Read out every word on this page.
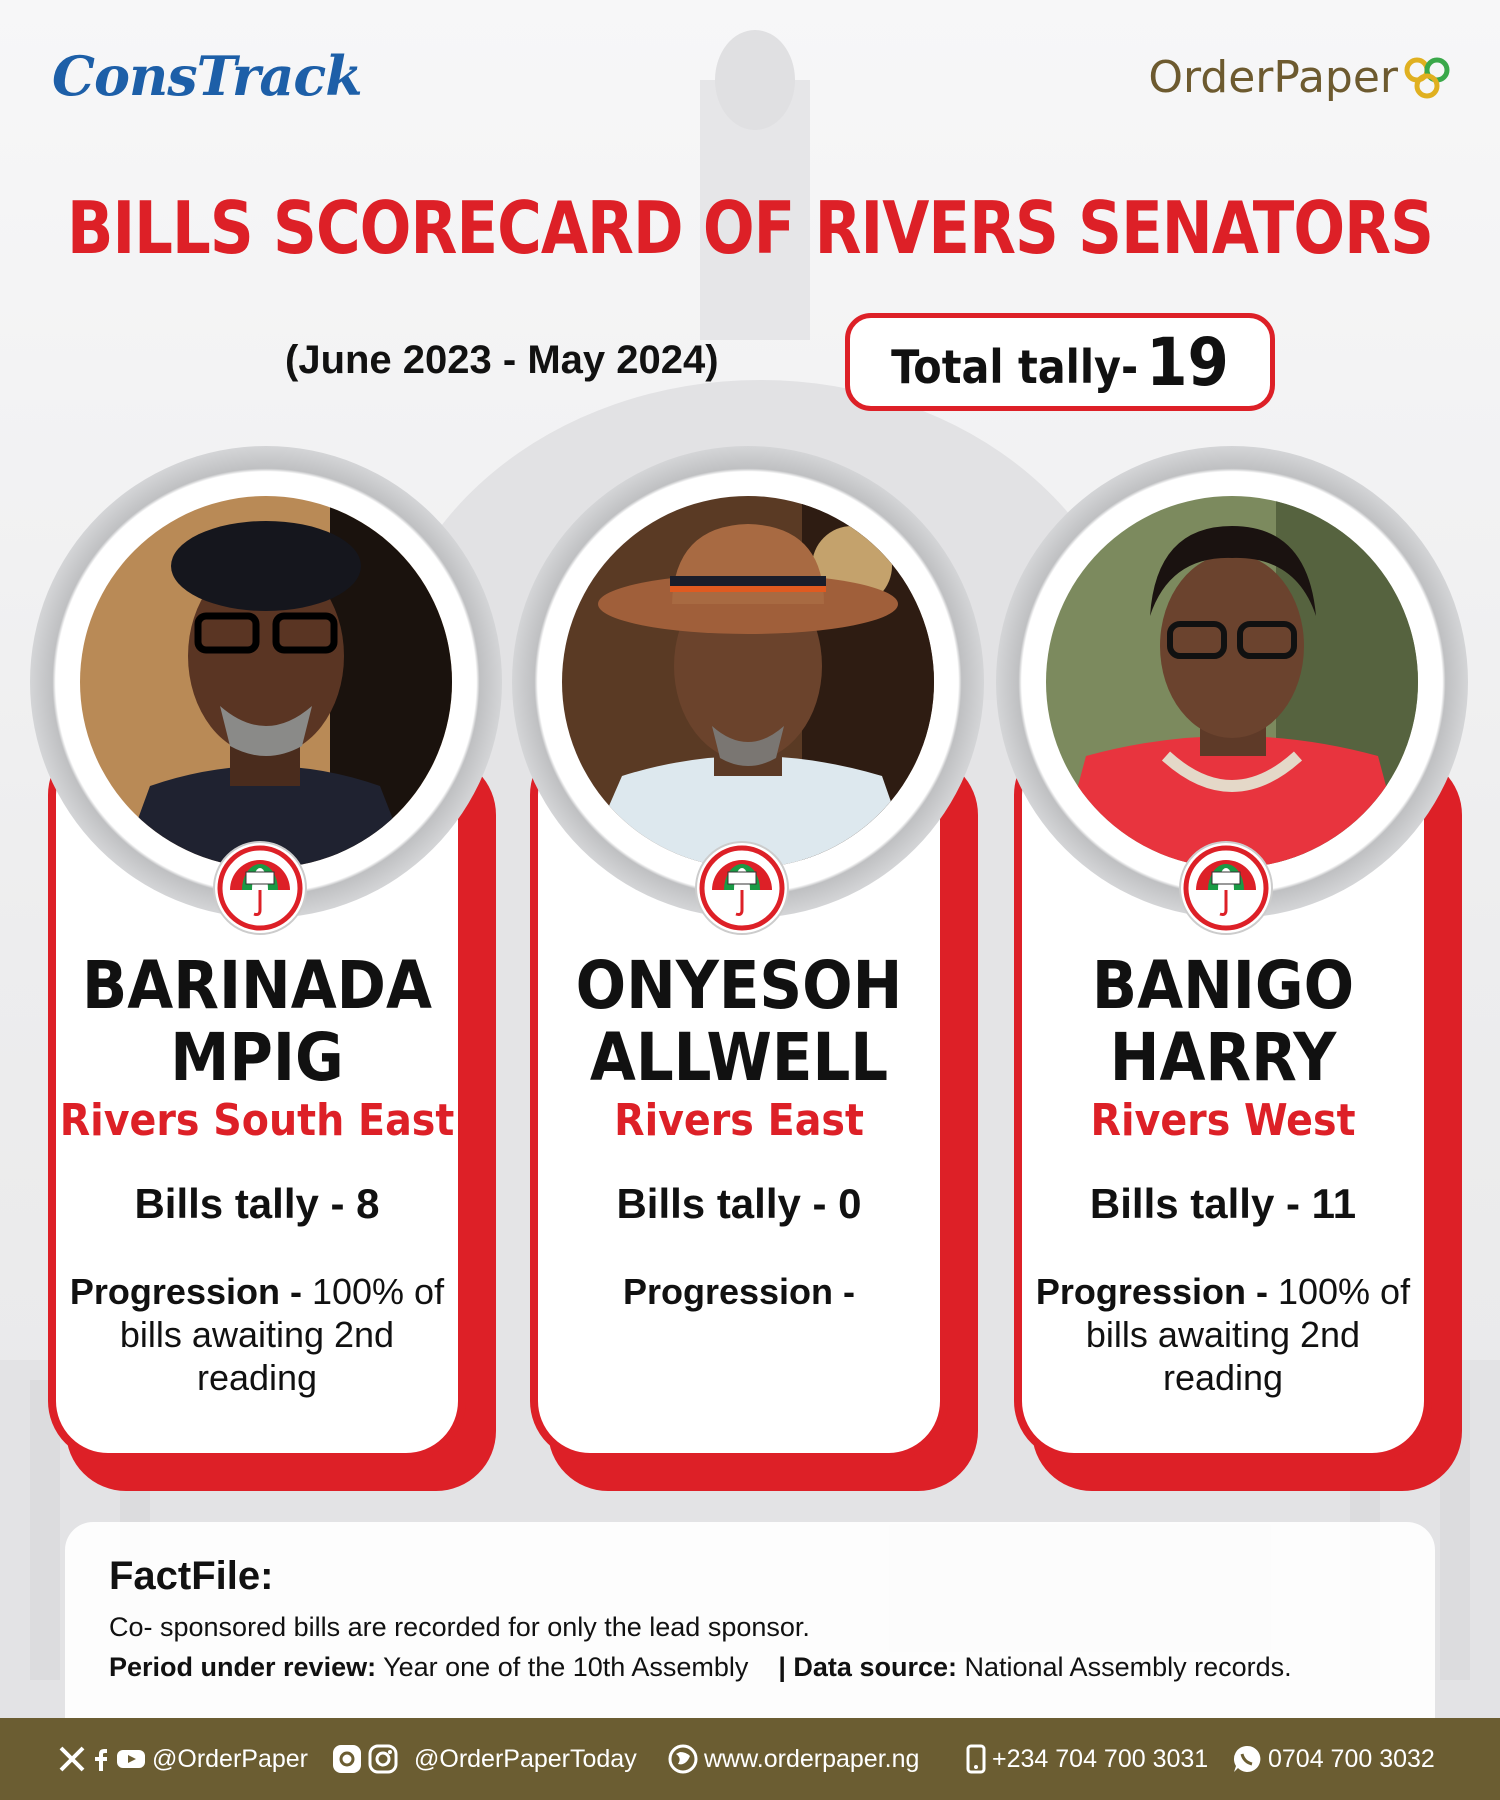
ConsTrack	OrderPaper
BILLS SCORECARD OF RIVERS SENATORS
(June 2023 - May 2024)	Total tally- 19
BARINADA
MPIG
Rivers South East
Bills tally - 8
Progression - 100% of bills awaiting 2nd reading
ONYESOH
ALLWELL
Rivers East
Bills tally - 0
Progression -
BANIGO
HARRY
Rivers West
Bills tally - 11
Progression - 100% of bills awaiting 2nd reading
FactFile:
Co- sponsored bills are recorded for only the lead sponsor.
Period under review: Year one of the 10th Assembly | Data source: National Assembly records.
@OrderPaper	@OrderPaperToday	www.orderpaper.ng	+234 704 700 3031 0704 700 3032
